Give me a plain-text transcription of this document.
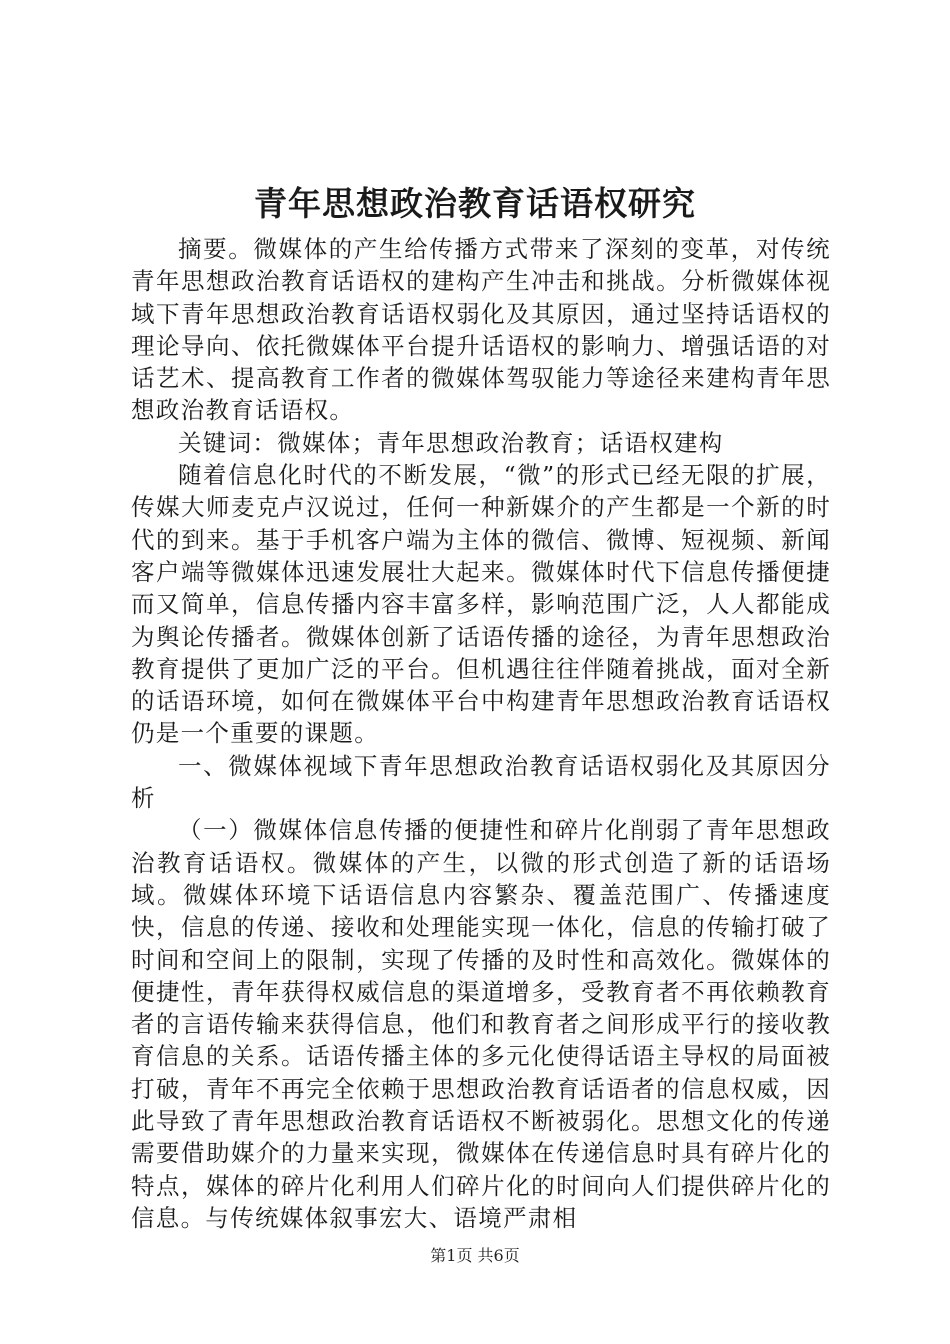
青年思想政治教育话语权研究

摘要。微媒体的产生给传播方式带来了深刻的变革，对传统青年思想政治教育话语权的建构产生冲击和挑战。分析微媒体视域下青年思想政治教育话语权弱化及其原因，通过坚持话语权的理论导向、依托微媒体平台提升话语权的影响力、增强话语的对话艺术、提高教育工作者的微媒体驾驭能力等途径来建构青年思想政治教育话语权。

关键词：微媒体；青年思想政治教育；话语权建构

随着信息化时代的不断发展，“微”的形式已经无限的扩展，传媒大师麦克卢汉说过，任何一种新媒介的产生都是一个新的时代的到来。基于手机客户端为主体的微信、微博、短视频、新闻客户端等微媒体迅速发展壮大起来。微媒体时代下信息传播便捷而又简单，信息传播内容丰富多样，影响范围广泛，人人都能成为舆论传播者。微媒体创新了话语传播的途径，为青年思想政治教育提供了更加广泛的平台。但机遇往往伴随着挑战，面对全新的话语环境，如何在微媒体平台中构建青年思想政治教育话语权仍是一个重要的课题。

一、微媒体视域下青年思想政治教育话语权弱化及其原因分析

（一）微媒体信息传播的便捷性和碎片化削弱了青年思想政治教育话语权。微媒体的产生，以微的形式创造了新的话语场域。微媒体环境下话语信息内容繁杂、覆盖范围广、传播速度快，信息的传递、接收和处理能实现一体化，信息的传输打破了时间和空间上的限制，实现了传播的及时性和高效化。微媒体的便捷性，青年获得权威信息的渠道增多，受教育者不再依赖教育者的言语传输来获得信息，他们和教育者之间形成平行的接收教育信息的关系。话语传播主体的多元化使得话语主导权的局面被打破，青年不再完全依赖于思想政治教育话语者的信息权威，因此导致了青年思想政治教育话语权不断被弱化。思想文化的传递需要借助媒介的力量来实现，微媒体在传递信息时具有碎片化的特点，媒体的碎片化利用人们碎片化的时间向人们提供碎片化的信息。与传统媒体叙事宏大、语境严肃相

第1页 共6页
